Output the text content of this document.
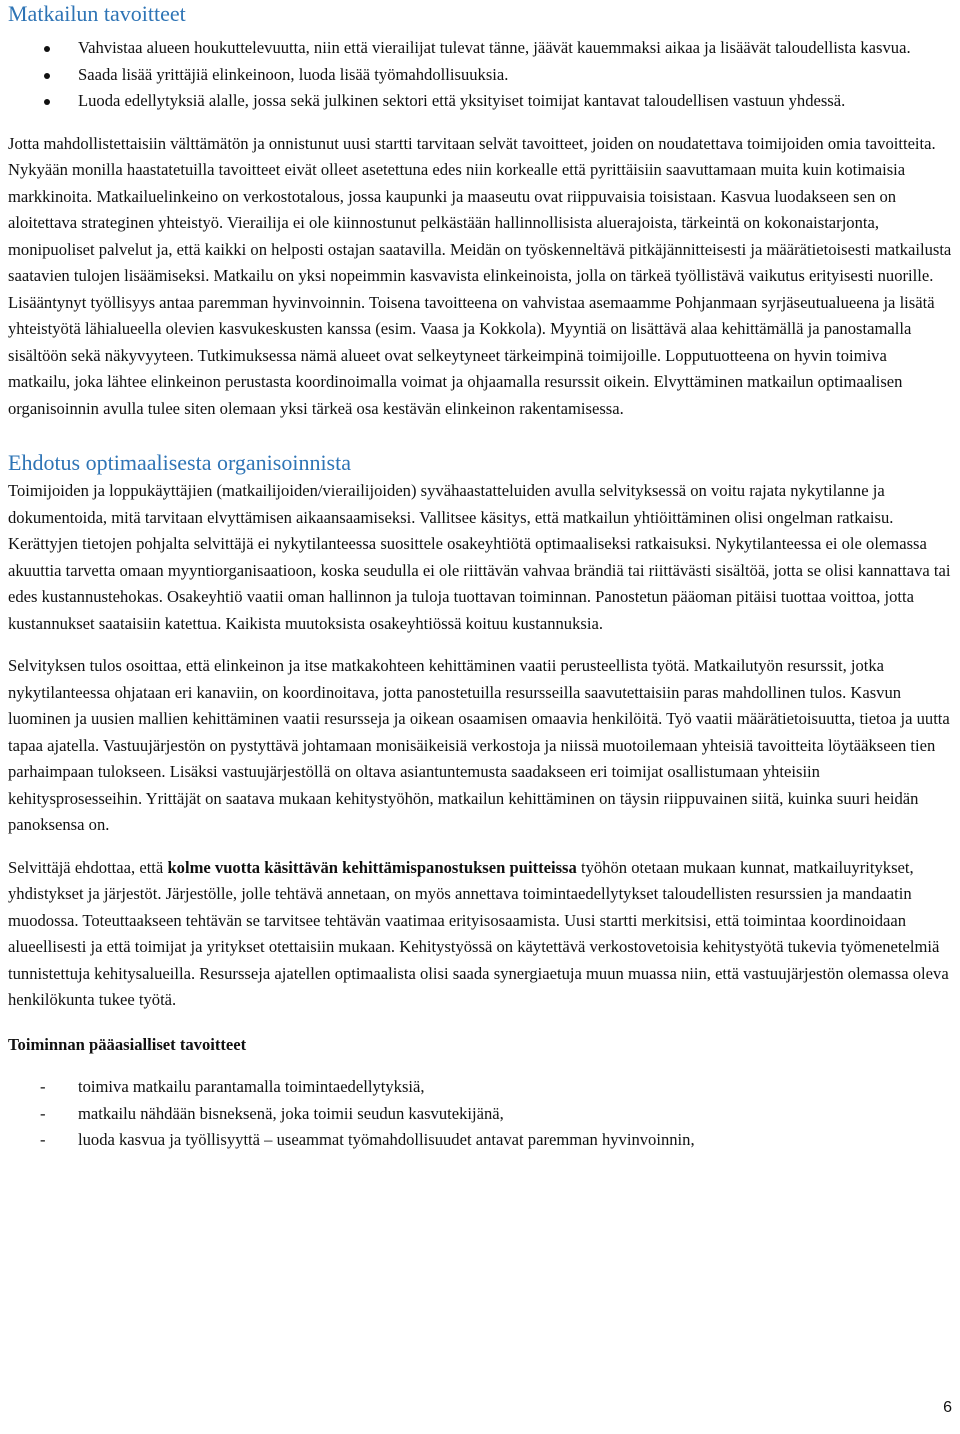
Matkailun tavoitteet
Vahvistaa alueen houkuttelevuutta, niin että vierailijat tulevat tänne, jäävät kauemmaksi aikaa ja lisäävät taloudellista kasvua.
Saada lisää yrittäjiä elinkeinoon, luoda lisää työmahdollisuuksia.
Luoda edellytyksiä alalle, jossa sekä julkinen sektori että yksityiset toimijat kantavat taloudellisen vastuun yhdessä.

Jotta mahdollistettaisiin välttämätön ja onnistunut uusi startti tarvitaan selvät tavoitteet, joiden on noudatettava toimijoiden omia tavoitteita. Nykyään monilla haastatetuilla tavoitteet eivät olleet asetettuna edes niin korkealle että pyrittäisiin saavuttamaan muita kuin kotimaisia markkinoita. Matkailuelinkeino on verkostotalous, jossa kaupunki ja maaseutu ovat riippuvaisia toisistaan. Kasvua luodakseen sen on aloitettava strateginen yhteistyö. Vierailija ei ole kiinnostunut pelkästään hallinnollisista aluerajoista, tärkeintä on kokonaistarjonta, monipuoliset palvelut ja, että kaikki on helposti ostajan saatavilla. Meidän on työskenneltävä pitkäjännitteisesti ja määrätietoisesti matkailusta saatavien tulojen lisäämiseksi. Matkailu on yksi nopeimmin kasvavista elinkeinoista, jolla on tärkeä työllistävä vaikutus erityisesti nuorille. Lisääntynyt työllisyys antaa paremman hyvinvoinnin. Toisena tavoitteena on vahvistaa asemaamme Pohjanmaan syrjäseutualueena ja lisätä yhteistyötä lähialueella olevien kasvukeskusten kanssa (esim. Vaasa ja Kokkola). Myyntiä on lisättävä alaa kehittämällä ja panostamalla sisältöön sekä näkyvyyteen. Tutkimuksessa nämä alueet ovat selkeytyneet tärkeimpinä toimijoille. Lopputuotteena on hyvin toimiva matkailu, joka lähtee elinkeinon perustasta koordinoimalla voimat ja ohjaamalla resurssit oikein. Elvyttäminen matkailun optimaalisen organisoinnin avulla tulee siten olemaan yksi tärkeä osa kestävän elinkeinon rakentamisessa.

Ehdotus optimaalisesta organisoinnista

Toimijoiden ja loppukäyttäjien (matkailijoiden/vierailijoiden) syvähaastatteluiden avulla selvityksessä on voitu rajata nykytilanne ja dokumentoida, mitä tarvitaan elvyttämisen aikaansaamiseksi. Vallitsee käsitys, että matkailun yhtiöittäminen olisi ongelman ratkaisu. Kerättyjen tietojen pohjalta selvittäjä ei nykytilanteessa suosittele osakeyhtiötä optimaaliseksi ratkaisuksi. Nykytilanteessa ei ole olemassa akuuttia tarvetta omaan myyntiorganisaatioon, koska seudulla ei ole riittävän vahvaa brändiä tai riittävästi sisältöä, jotta se olisi kannattava tai edes kustannustehokas. Osakeyhtiö vaatii oman hallinnon ja tuloja tuottavan toiminnan. Panostetun pääoman pitäisi tuottaa voittoa, jotta kustannukset saataisiin katettua. Kaikista muutoksista osakeyhtiössä koituu kustannuksia.

Selvityksen tulos osoittaa, että elinkeinon ja itse matkakohteen kehittäminen vaatii perusteellista työtä. Matkailutyön resurssit, jotka nykytilanteessa ohjataan eri kanaviin, on koordinoitava, jotta panostetuilla resursseilla saavutettaisiin paras mahdollinen tulos. Kasvun luominen ja uusien mallien kehittäminen vaatii resursseja ja oikean osaamisen omaavia henkilöitä. Työ vaatii määrätietoisuutta, tietoa ja uutta tapaa ajatella. Vastuujärjestön on pystyttävä johtamaan monisäikeisiä verkostoja ja niissä muotoilemaan yhteisiä tavoitteita löytääkseen tien parhaimpaan tulokseen. Lisäksi vastuujärjestöllä on oltava asiantuntemusta saadakseen eri toimijat osallistumaan yhteisiin kehitysprosesseihin. Yrittäjät on saatava mukaan kehitystyöhön, matkailun kehittäminen on täysin riippuvainen siitä, kuinka suuri heidän panoksensa on.

Selvittäjä ehdottaa, että kolme vuotta käsittävän kehittämispanostuksen puitteissa työhön otetaan mukaan kunnat, matkailuyritykset, yhdistykset ja järjestöt. Järjestölle, jolle tehtävä annetaan, on myös annettava toimintaedellytykset taloudellisten resurssien ja mandaatin muodossa. Toteuttaakseen tehtävän se tarvitsee tehtävän vaatimaa erityisosaamista. Uusi startti merkitsisi, että toimintaa koordinoidaan alueellisesti ja että toimijat ja yritykset otettaisiin mukaan. Kehitystyössä on käytettävä verkostovetoisia kehitystyötä tukevia työmenetelmiä tunnistettuja kehitysalueilla. Resursseja ajatellen optimaalista olisi saada synergiaetuja muun muassa niin, että vastuujärjestön olemassa oleva henkilökunta tukee työtä.

Toiminnan pääasialliset tavoitteet

- toimiva matkailu parantamalla toimintaedellytyksiä,
- matkailu nähdään bisneksenä, joka toimii seudun kasvutekijänä,
- luoda kasvua ja työllisyyttä – useammat työmahdollisuudet antavat paremman hyvinvoinnin,
6
